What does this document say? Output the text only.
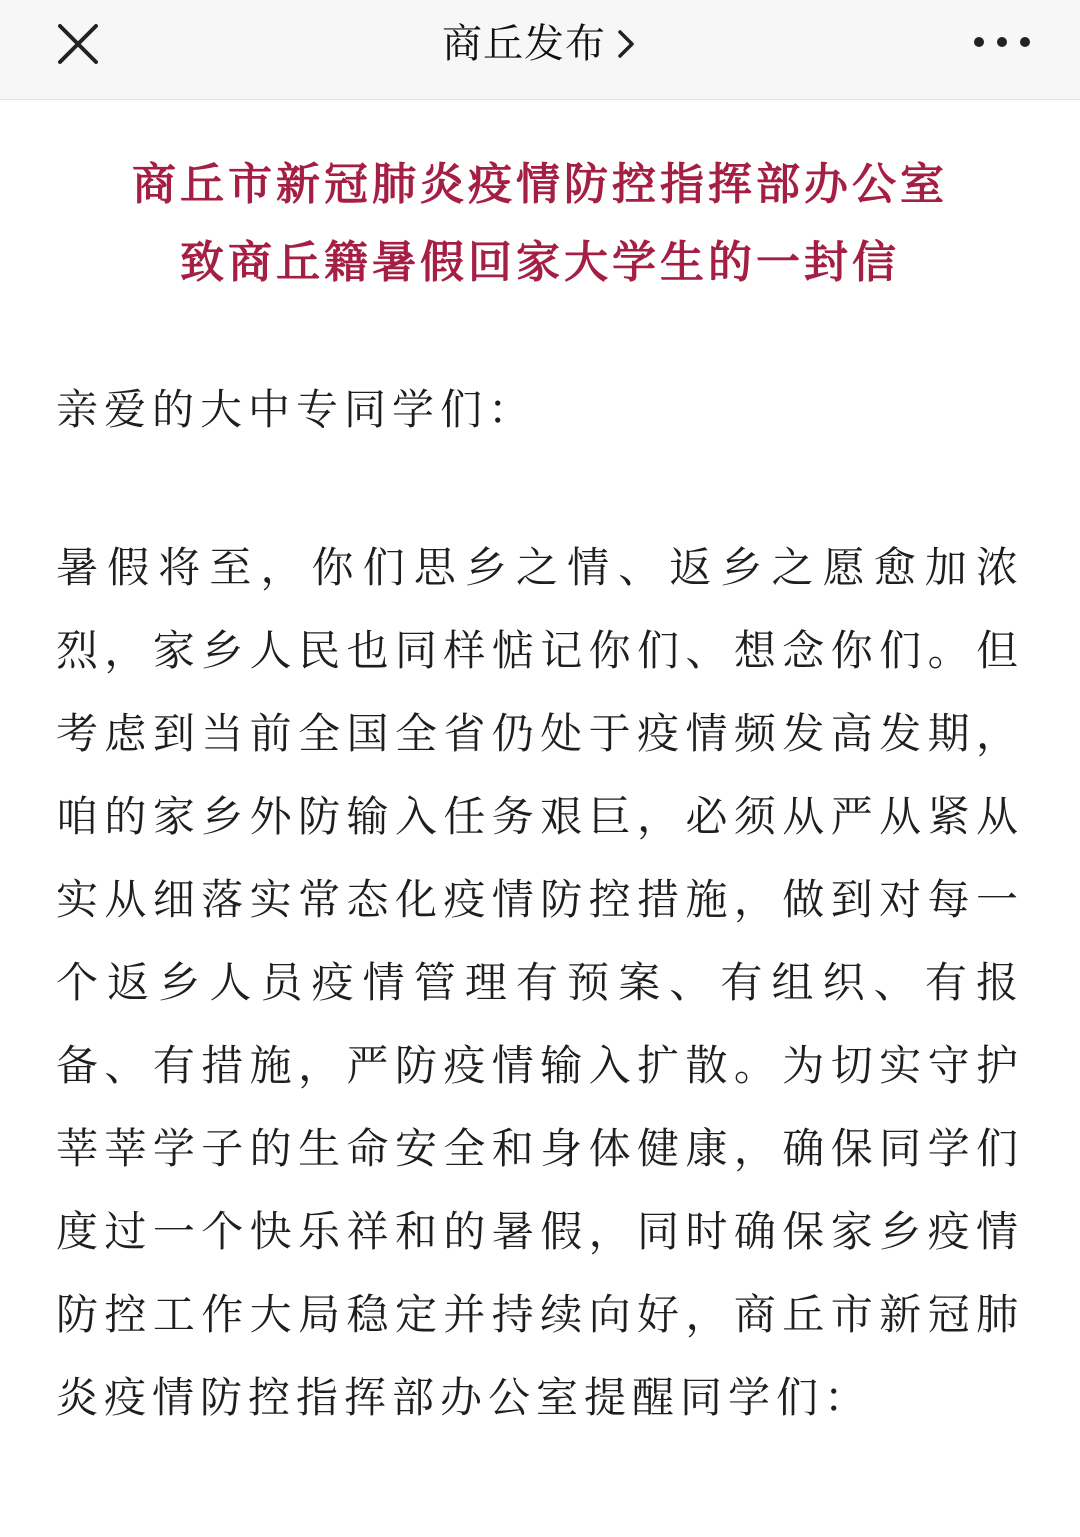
商丘发布
商丘市新冠肺炎疫情防控指挥部办公室
致商丘籍暑假回家大学生的一封信
亲爱的大中专同学们：
暑假将至，你们思乡之情、返乡之愿愈加浓烈，家乡人民也同样惦记你们、想念你们。但考虑到当前全国全省仍处于疫情频发高发期，咱的家乡外防输入任务艰巨，必须从严从紧从实从细落实常态化疫情防控措施，做到对每一个返乡人员疫情管理有预案、有组织、有报备、有措施，严防疫情输入扩散。为切实守护莘莘学子的生命安全和身体健康，确保同学们度过一个快乐祥和的暑假，同时确保家乡疫情防控工作大局稳定并持续向好，商丘市新冠肺炎疫情防控指挥部办公室提醒同学们：
